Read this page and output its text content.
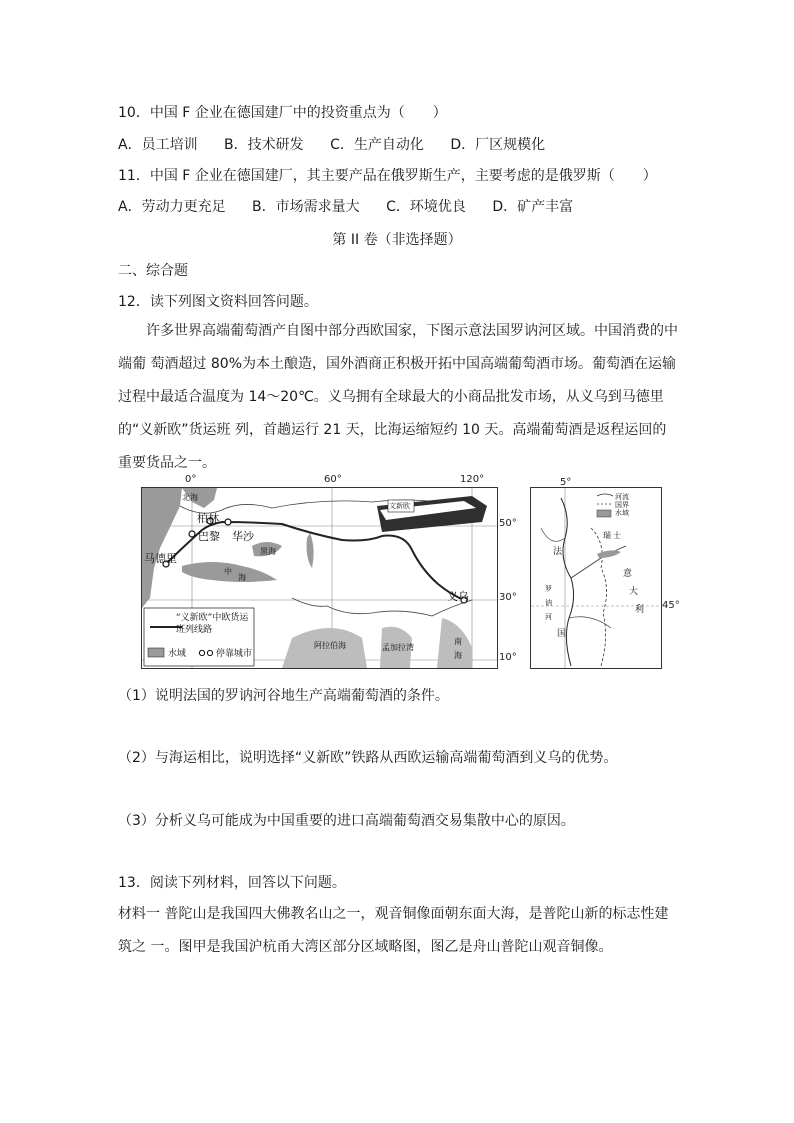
10．中国 F 企业在德国建厂中的投资重点为（　　）
A．员工培训 B．技术研发 C．生产自动化 D．厂区规模化
11．中国 F 企业在德国建厂，其主要产品在俄罗斯生产，主要考虑的是俄罗斯（　　）
A．劳动力更充足 B．市场需求量大 C．环境优良 D．矿产丰富
第 II 卷（非选择题）
二、综合题
12．读下列图文资料回答问题。
许多世界高端葡萄酒产自图中部分西欧国家，下图示意法国罗讷河区域。中国消费的中端葡 萄酒超过 80%为本土酿造，国外酒商正积极开拓中国高端葡萄酒市场。葡萄酒在运输过程中最适合温度为 14～20℃。义乌拥有全球最大的小商品批发市场，从义乌到马德里的“义新欧”货运班 列，首趟运行 21 天，比海运缩短约 10 天。高端葡萄酒是返程运回的重要货品之一。
柏林
巴黎 华沙
马德里
义乌
北海
黑海
中
海
阿拉伯海	孟加拉湾
南
海
文新欧
“义新欧”中欧货运班列线路
水域	停靠城市
0°	60°	120°
50°
30°
10°
河流
国界
水域
法
罗
讷
河
国
瑞 士
意
大
利
5°
45°
（1）说明法国的罗讷河谷地生产高端葡萄酒的条件。
（2）与海运相比，说明选择“义新欧”铁路从西欧运输高端葡萄酒到义乌的优势。
（3）分析义乌可能成为中国重要的进口高端葡萄酒交易集散中心的原因。
13．阅读下列材料，回答以下问题。
材料一 普陀山是我国四大佛教名山之一，观音铜像面朝东面大海，是普陀山新的标志性建筑之 一。图甲是我国沪杭甬大湾区部分区域略图，图乙是舟山普陀山观音铜像。
